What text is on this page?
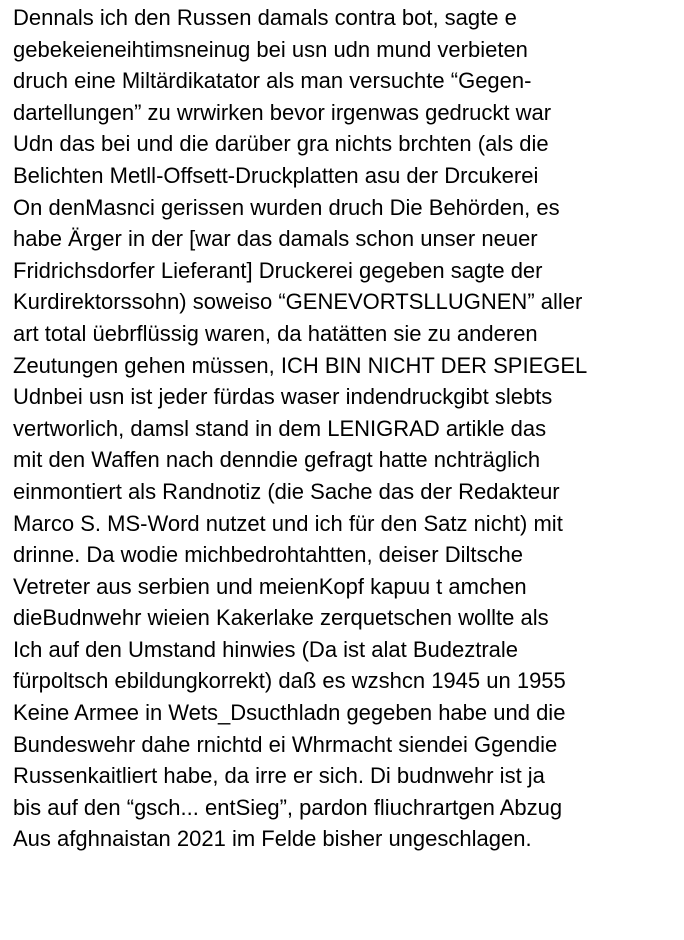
Dennals ich den Russen damals contra bot, sagte e
gebekeieneihtimsneinug bei usn udn mund verbieten
druch eine Miltärdikatator als man versuchte “Gegen-
dartellungen” zu wrwirken bevor irgenwas gedruckt war
Udn das bei und die darüber gra nichts brchten (als die
Belichten Metll-Offsett-Druckplatten asu der Drcukerei
On denMasnci gerissen wurden druch Die Behörden, es
habe Ärger in der [war das damals schon unser neuer
Fridrichsdorfer Lieferant] Druckerei gegeben sagte der
Kurdirektorssohn) soweiso “GENEVORTSLLUGNEN” aller
art total üebrflüssig waren, da hatätten sie zu anderen
Zeutungen gehen müssen, ICH BIN NICHT DER SPIEGEL
Udnbei usn ist jeder fürdas waser indendruckgibt slebts
vertworlich, damsl stand in dem LENIGRAD artikle das
mit den Waffen nach denndie gefragt hatte nchträglich
einmontiert als Randnotiz (die Sache das der Redakteur
Marco S. MS-Word nutzet und ich für den Satz nicht) mit
drinne. Da wodie michbedrohtahtten, deiser Diltsche
Vetreter aus serbien und meienKopf kapuu t amchen
dieBudnwehr wieien Kakerlake zerquetschen wollte als
Ich auf den Umstand hinwies (Da ist alat Budeztrale
fürpoltsch ebildungkorrekt) daß es wzshcn 1945 un 1955
Keine Armee in Wets_Dsucthladn gegeben habe und die
Bundeswehr dahe rnichtd ei Whrmacht siendei Ggendie
Russenkaitliert habe, da irre er sich. Di budnwehr ist ja
bis auf den “gsch... entSieg”, pardon fliuchrartgen Abzug
Aus afghnaistan 2021 im Felde bisher ungeschlagen.
